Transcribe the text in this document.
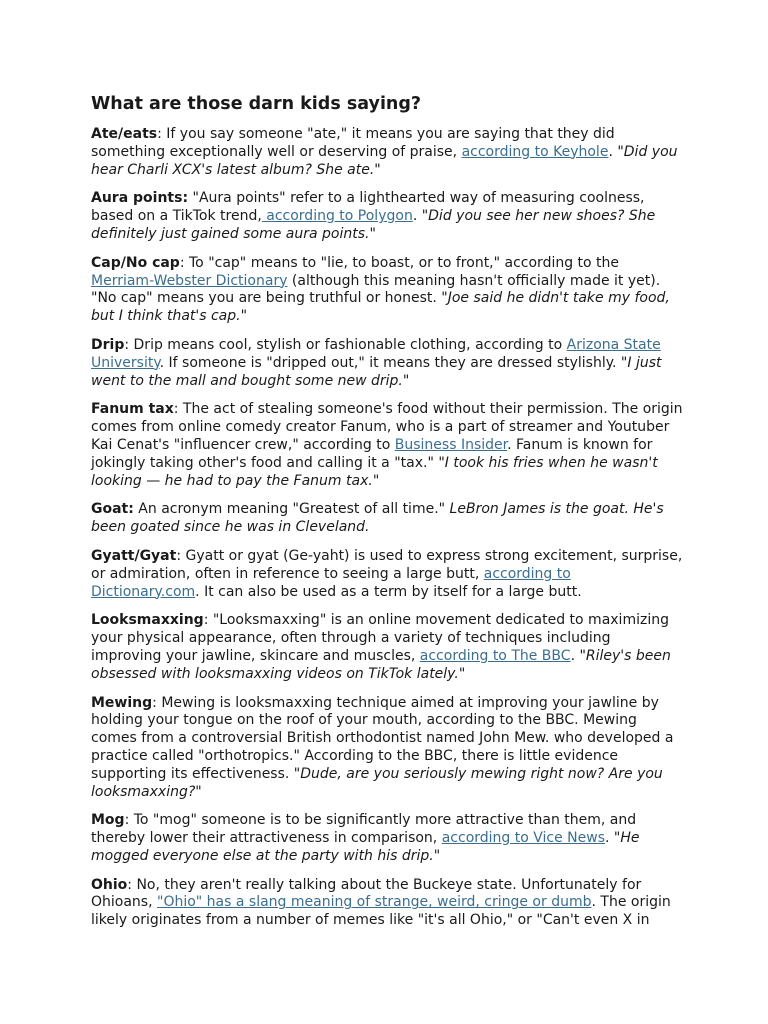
What are those darn kids saying?

Ate/eats: If you say someone "ate," it means you are saying that they did something exceptionally well or deserving of praise, according to Keyhole. "Did you hear Charli XCX's latest album? She ate."

Aura points: "Aura points" refer to a lighthearted way of measuring coolness, based on a TikTok trend, according to Polygon. "Did you see her new shoes? She definitely just gained some aura points."

Cap/No cap: To "cap" means to "lie, to boast, or to front," according to the Merriam-Webster Dictionary (although this meaning hasn't officially made it yet). "No cap" means you are being truthful or honest. "Joe said he didn't take my food, but I think that's cap."

Drip: Drip means cool, stylish or fashionable clothing, according to Arizona State University. If someone is "dripped out," it means they are dressed stylishly. "I just went to the mall and bought some new drip."

Fanum tax: The act of stealing someone's food without their permission. The origin comes from online comedy creator Fanum, who is a part of streamer and Youtuber Kai Cenat's "influencer crew," according to Business Insider. Fanum is known for jokingly taking other's food and calling it a "tax." "I took his fries when he wasn't looking — he had to pay the Fanum tax."

Goat: An acronym meaning "Greatest of all time." LeBron James is the goat. He's been goated since he was in Cleveland.

Gyatt/Gyat: Gyatt or gyat (Ge-yaht) is used to express strong excitement, surprise, or admiration, often in reference to seeing a large butt, according to Dictionary.com. It can also be used as a term by itself for a large butt.

Looksmaxxing: "Looksmaxxing" is an online movement dedicated to maximizing your physical appearance, often through a variety of techniques including improving your jawline, skincare and muscles, according to The BBC. "Riley's been obsessed with looksmaxxing videos on TikTok lately."

Mewing: Mewing is looksmaxxing technique aimed at improving your jawline by holding your tongue on the roof of your mouth, according to the BBC. Mewing comes from a controversial British orthodontist named John Mew. who developed a practice called "orthotropics." According to the BBC, there is little evidence supporting its effectiveness. "Dude, are you seriously mewing right now? Are you looksmaxxing?"

Mog: To "mog" someone is to be significantly more attractive than them, and thereby lower their attractiveness in comparison, according to Vice News. "He mogged everyone else at the party with his drip."

Ohio: No, they aren't really talking about the Buckeye state. Unfortunately for Ohioans, "Ohio" has a slang meaning of strange, weird, cringe or dumb. The origin likely originates from a number of memes like "it's all Ohio," or "Can't even X in
